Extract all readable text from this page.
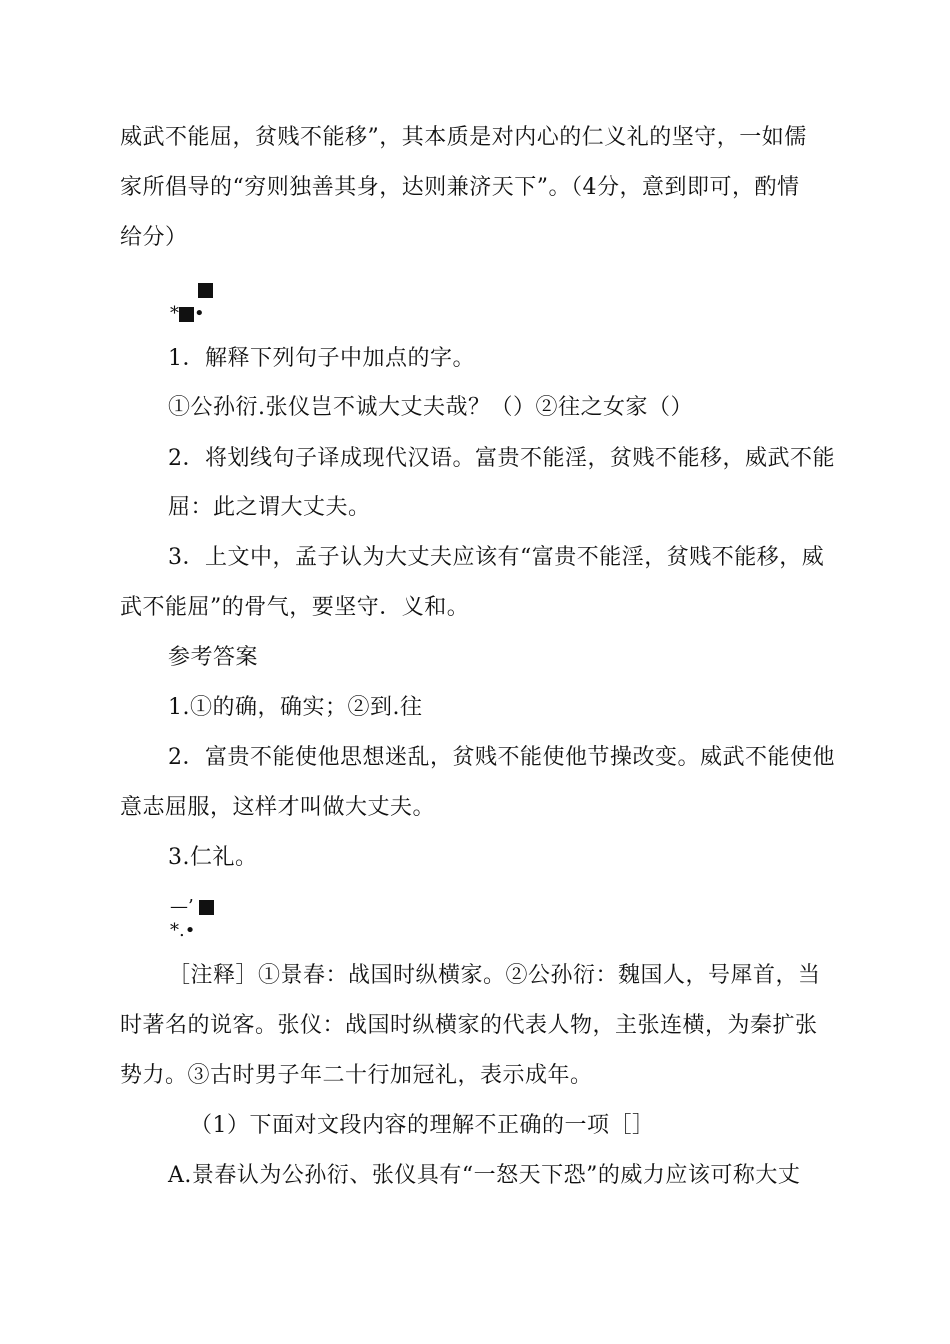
威武不能屈，贫贱不能移”，其本质是对内心的仁义礼的坚守，一如儒
家所倡导的“穷则独善其身，达则兼济天下”。（4分，意到即可，酌情
给分）
* •
1．解释下列句子中加点的字。
①公孙衍.张仪岂不诚大丈夫哉？（）②往之女家（）
2．将划线句子译成现代汉语。富贵不能淫，贫贱不能移，威武不能
屈：此之谓大丈夫。
3．上文中，孟子认为大丈夫应该有“富贵不能淫，贫贱不能移，威
武不能屈”的骨气，要坚守．义和。
参考答案
1.①的确，确实；②到.往
2．富贵不能使他思想迷乱，贫贱不能使他节操改变。威武不能使他
意志屈服，这样才叫做大丈夫。
3.仁礼。
—’
*.•
［注释］①景春：战国时纵横家。②公孙衍：魏国人，号犀首，当
时著名的说客。张仪：战国时纵横家的代表人物，主张连横，为秦扩张
势力。③古时男子年二十行加冠礼，表示成年。
（1）下面对文段内容的理解不正确的一项［］
A.景春认为公孙衍、张仪具有“一怒天下恐”的威力应该可称大丈
